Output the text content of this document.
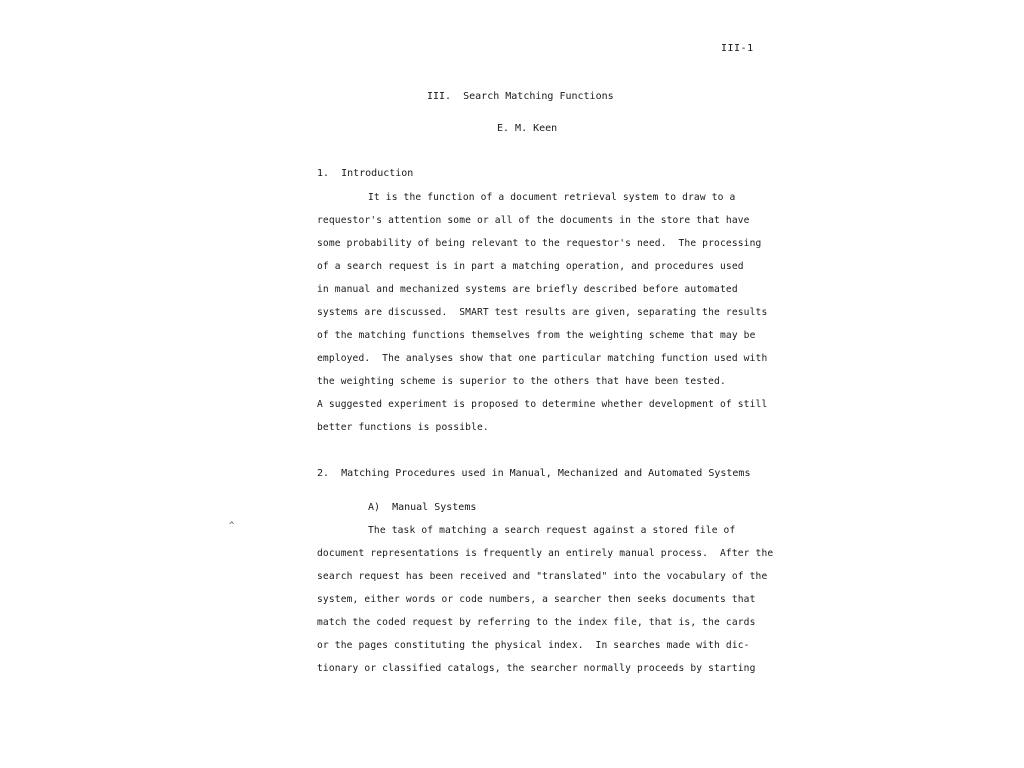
III-1
III.  Search Matching Functions
E. M. Keen
1.  Introduction
It is the function of a document retrieval system to draw to a
requestor's attention some or all of the documents in the store that have
some probability of being relevant to the requestor's need.  The processing
of a search request is in part a matching operation, and procedures used
in manual and mechanized systems are briefly described before automated
systems are discussed.  SMART test results are given, separating the results
of the matching functions themselves from the weighting scheme that may be
employed.  The analyses show that one particular matching function used with
the weighting scheme is superior to the others that have been tested.
A suggested experiment is proposed to determine whether development of still
better functions is possible.
2.  Matching Procedures used in Manual, Mechanized and Automated Systems
A)  Manual Systems
^	The task of matching a search request against a stored file of
document representations is frequently an entirely manual process.  After the
search request has been received and "translated" into the vocabulary of the
system, either words or code numbers, a searcher then seeks documents that
match the coded request by referring to the index file, that is, the cards
or the pages constituting the physical index.  In searches made with dic-
tionary or classified catalogs, the searcher normally proceeds by starting
